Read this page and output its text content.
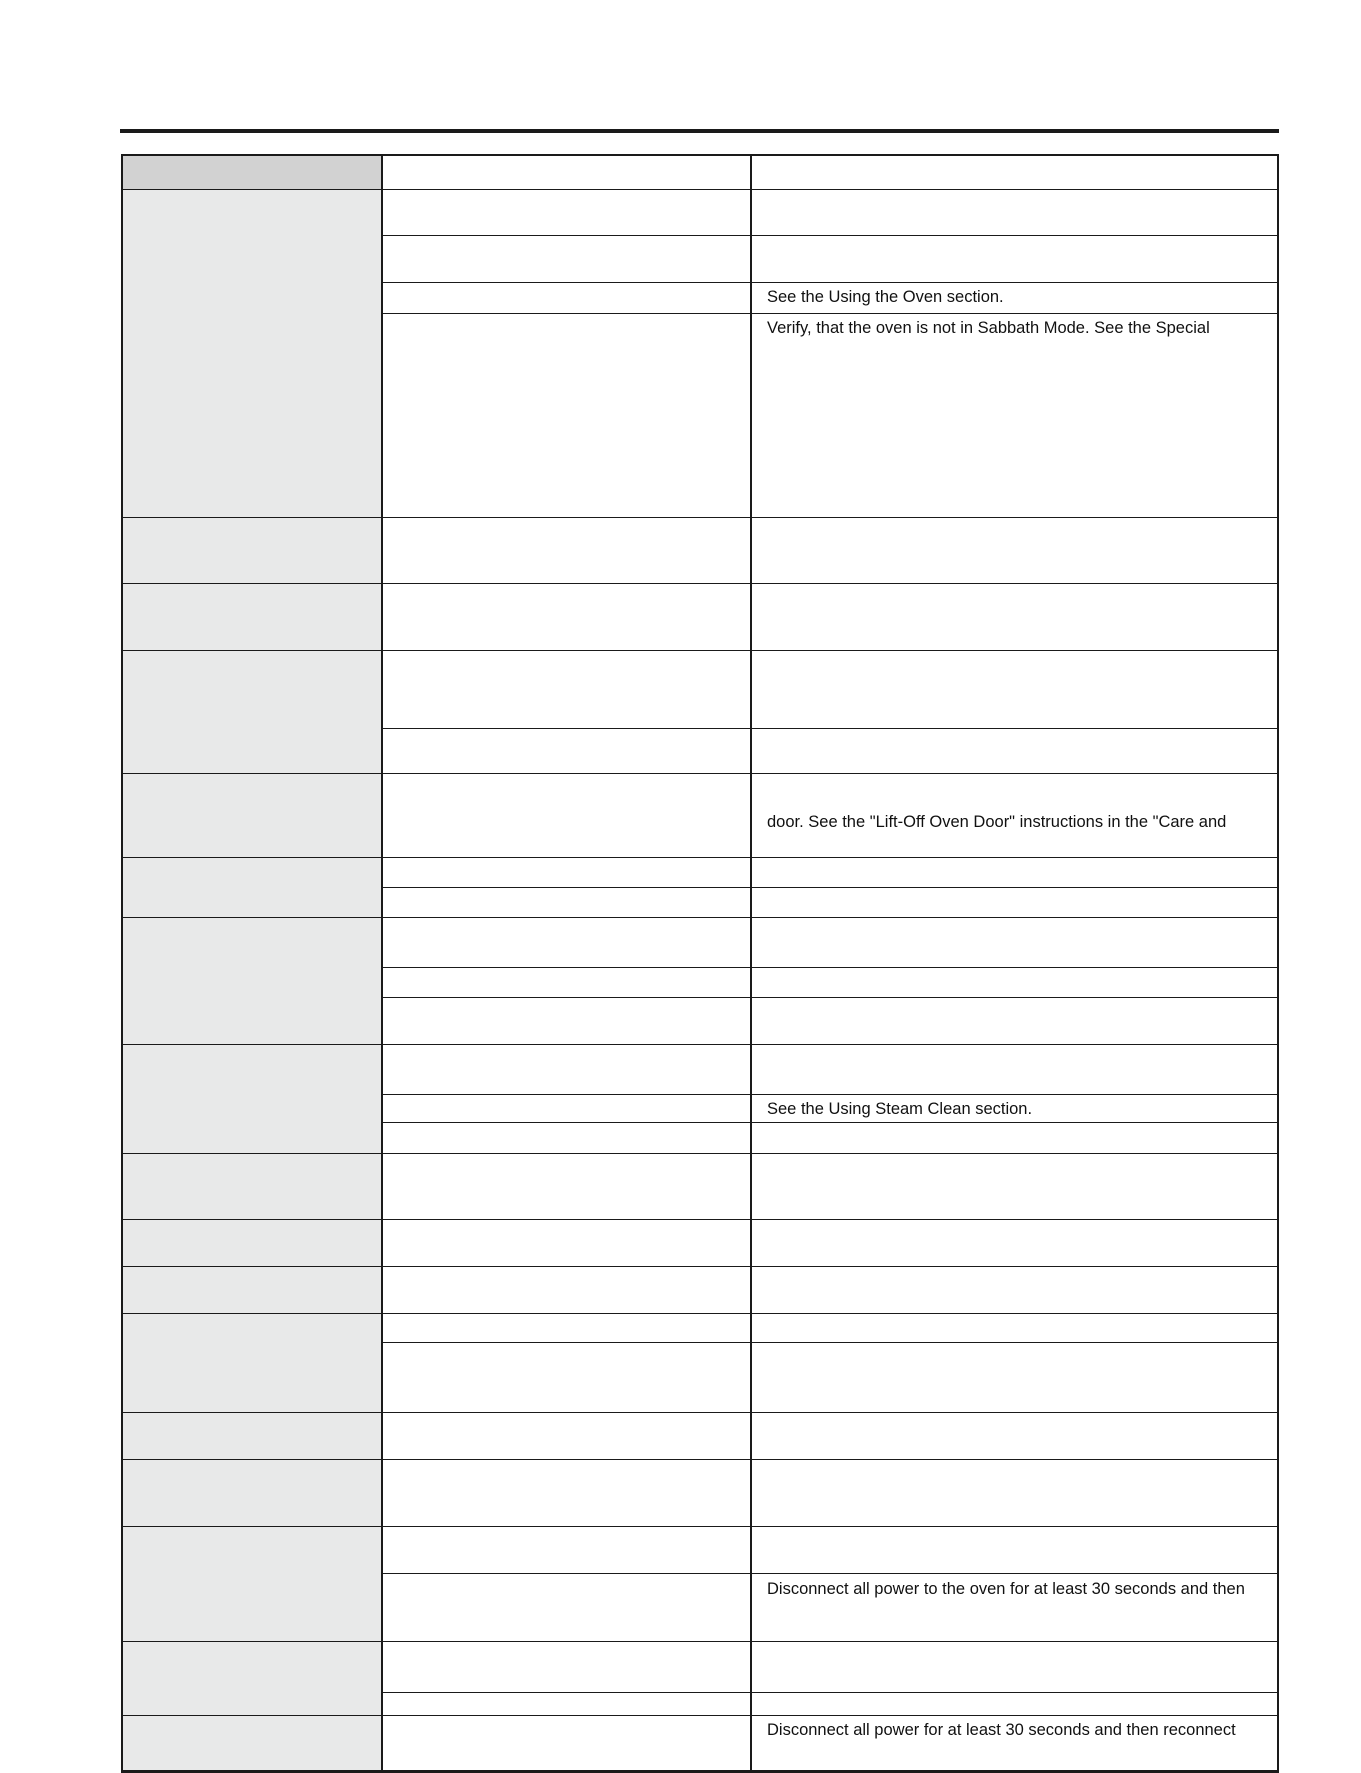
See the Using the Oven section.
Verify, that the oven is not in Sabbath Mode. See the Special
door. See the "Lift-Off Oven Door" instructions in the "Care and
See the Using Steam Clean section.
Disconnect all power to the oven for at least 30 seconds and then
Disconnect all power for at least 30 seconds and then reconnect
